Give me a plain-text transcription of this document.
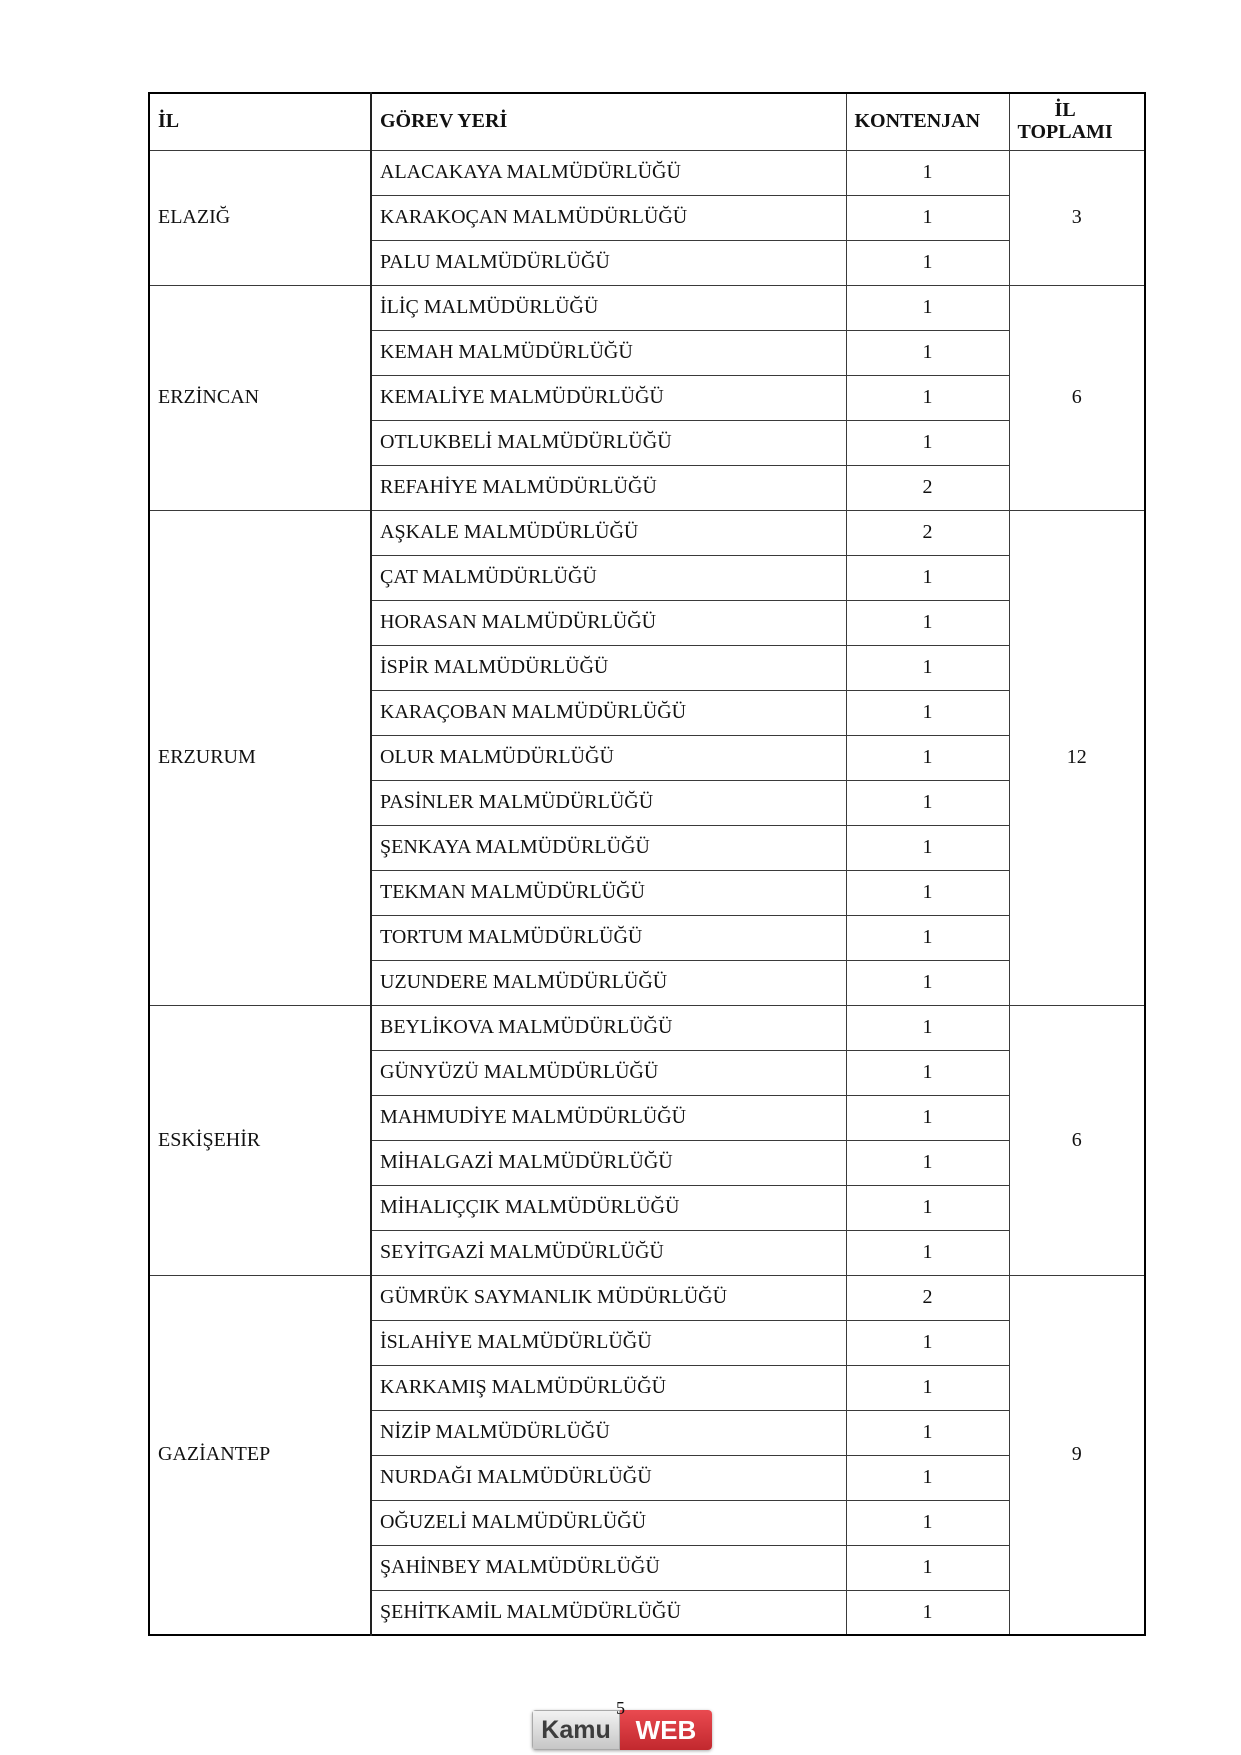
İL	GÖREV YERİ	KONTENJAN	İL TOPLAMI
ELAZIĞ	ALACAKAYA MALMÜDÜRLÜĞÜ	1	3
	KARAKOÇAN MALMÜDÜRLÜĞÜ	1	
	PALU MALMÜDÜRLÜĞÜ	1	
ERZİNCAN	İLİÇ MALMÜDÜRLÜĞÜ	1	6
	KEMAH MALMÜDÜRLÜĞÜ	1	
	KEMALİYE MALMÜDÜRLÜĞÜ	1	
	OTLUKBELİ MALMÜDÜRLÜĞÜ	1	
	REFAHİYE MALMÜDÜRLÜĞÜ	2	
ERZURUM	AŞKALE MALMÜDÜRLÜĞÜ	2	12
	ÇAT MALMÜDÜRLÜĞÜ	1	
	HORASAN MALMÜDÜRLÜĞÜ	1	
	İSPİR MALMÜDÜRLÜĞÜ	1	
	KARAÇOBAN MALMÜDÜRLÜĞÜ	1	
	OLUR MALMÜDÜRLÜĞÜ	1	
	PASİNLER MALMÜDÜRLÜĞÜ	1	
	ŞENKAYA MALMÜDÜRLÜĞÜ	1	
	TEKMAN MALMÜDÜRLÜĞÜ	1	
	TORTUM MALMÜDÜRLÜĞÜ	1	
	UZUNDERE MALMÜDÜRLÜĞÜ	1	
ESKİŞEHİR	BEYLİKOVA MALMÜDÜRLÜĞÜ	1	6
	GÜNYÜZÜ MALMÜDÜRLÜĞÜ	1	
	MAHMUDİYE MALMÜDÜRLÜĞÜ	1	
	MİHALGAZİ MALMÜDÜRLÜĞÜ	1	
	MİHALIÇÇIK MALMÜDÜRLÜĞÜ	1	
	SEYİTGAZİ MALMÜDÜRLÜĞÜ	1	
GAZİANTEP	GÜMRÜK SAYMANLIK MÜDÜRLÜĞÜ	2	9
	İSLAHİYE MALMÜDÜRLÜĞÜ	1	
	KARKAMIŞ MALMÜDÜRLÜĞÜ	1	
	NİZİP MALMÜDÜRLÜĞÜ	1	
	NURDAĞI MALMÜDÜRLÜĞÜ	1	
	OĞUZELİ MALMÜDÜRLÜĞÜ	1	
	ŞAHİNBEY MALMÜDÜRLÜĞÜ	1	
	ŞEHİTKAMİL MALMÜDÜRLÜĞÜ	1	
5
Kamu WEB
